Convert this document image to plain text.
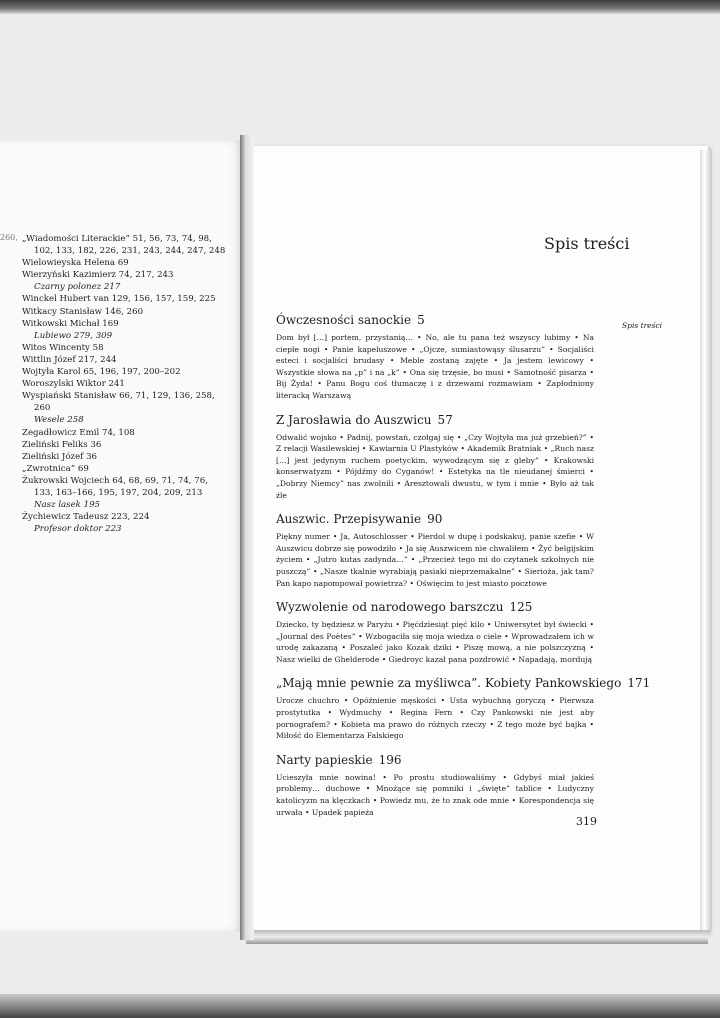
260, „Wiadomości Literackie” 51, 56, 73, 74, 98,
102, 133, 182, 226, 231, 243, 244, 247, 248
Wielowieyska Helena 69
Wierzyński Kazimierz 74, 217, 243
Czarny polonez 217
Winckel Hubert van 129, 156, 157, 159, 225
Witkacy Stanisław 146, 260
Witkowski Michał 169
Lubiewo 279, 309
Witos Wincenty 58
Wittlin Józef 217, 244
Wojtyła Karol 65, 196, 197, 200–202
Woroszylski Wiktor 241
Wyspiański Stanisław 66, 71, 129, 136, 258,
260
Wesele 258
Zegadłowicz Emil 74, 108
Zieliński Feliks 36
Zieliński Józef 36
„Zwrotnica” 69
Żukrowski Wojciech 64, 68, 69, 71, 74, 76,
133, 163–166, 195, 197, 204, 209, 213
Nasz lasek 195
Żychiewicz Tadeusz 223, 224
Profesor doktor 223
Spis treści
Spis treści
Ówczesności sanockie 5
Dom był […] portem, przystanią… • No, ale tu pana też wszyscy lubimy • Na ciepłe nogi • Panie kapeluszowe • „Ojcze, sumiastowąsy ślusarzu” • Socjaliści esteci i socjaliści brudasy • Meble zostaną zajęte • Ja jestem lewicowy • Wszystkie słowa na „p” i na „k” • Ona się trzęsie, bo musi • Samotność pisarza • Bij Żyda! • Panu Bogu coś tłumaczę i z drzewami rozmawiam • Zapłodniony literacką Warszawą
Z Jarosławia do Auszwicu 57
Odwalić wojsko • Padnij, powstań, czołgaj się • „Czy Wojtyła ma już grzebień?” • Z relacji Wasilewskiej • Kawiarnia U Plastyków • Akademik Bratniak • „Ruch nasz […] jest jedynym ruchem poetyckim, wywodzącym się z gleby” • Krakowski konserwatyzm • Pójdźmy do Cyganów! • Estetyka na tle nieudanej śmierci • „Dobrzy Niemcy” nas zwolnili • Aresztowali dwustu, w tym i mnie • Było aż tak źle
Auszwic. Przepisywanie 90
Piękny numer • Ja, Autoschlosser • Pierdol w dupę i podskakuj, panie szefie • W Auszwicu dobrze się powodziło • Ja się Auszwicem nie chwaliłem • Żyć belgijskim życiem • „Jutro kutas zadynda…” • „Przecież tego mi do czytanek szkolnych nie puszczą” • „Nasze tkalnie wyrabiają pasiaki nieprzemakalne” • Sierioża, jak tam? Pan kapo napompował powietrza? • Oświęcim to jest miasto pocztowe
Wyzwolenie od narodowego barszczu 125
Dziecko, ty będziesz w Paryżu • Pięćdziesiąt pięć kilo • Uniwersytet był świecki • „Journal des Poètes” • Wzbogaciła się moja wiedza o ciele • Wprowadzałem ich w urodę zakazaną • Poszaleć jako Kozak dziki • Piszę mową, a nie polszczyzną • Nasz wielki de Ghelderode • Giedroyc kazał pana pozdrowić • Napadają, mordują
„Mają mnie pewnie za myśliwca”. Kobiety Pankowskiego 171
Urocze chuchro • Opóźnienie męskości • Usta wybuchną goryczą • Pierwsza prostytutka • Wydmuchy • Regina Fern • Czy Pankowski nie jest aby pornografem? • Kobieta ma prawo do różnych rzeczy • Z tego może być bajka • Miłość do Elementarza Falskiego
Narty papieskie 196
Ucieszyła mnie nowina! • Po prostu studiowaliśmy • Gdybyś miał jakieś problemy… duchowe • Mnożące się pomniki i „święte” tablice • Ludyczny katolicyzm na klęczkach • Powiedz mu, że to znak ode mnie • Korespondencja się urwała • Upadek papieża
319
